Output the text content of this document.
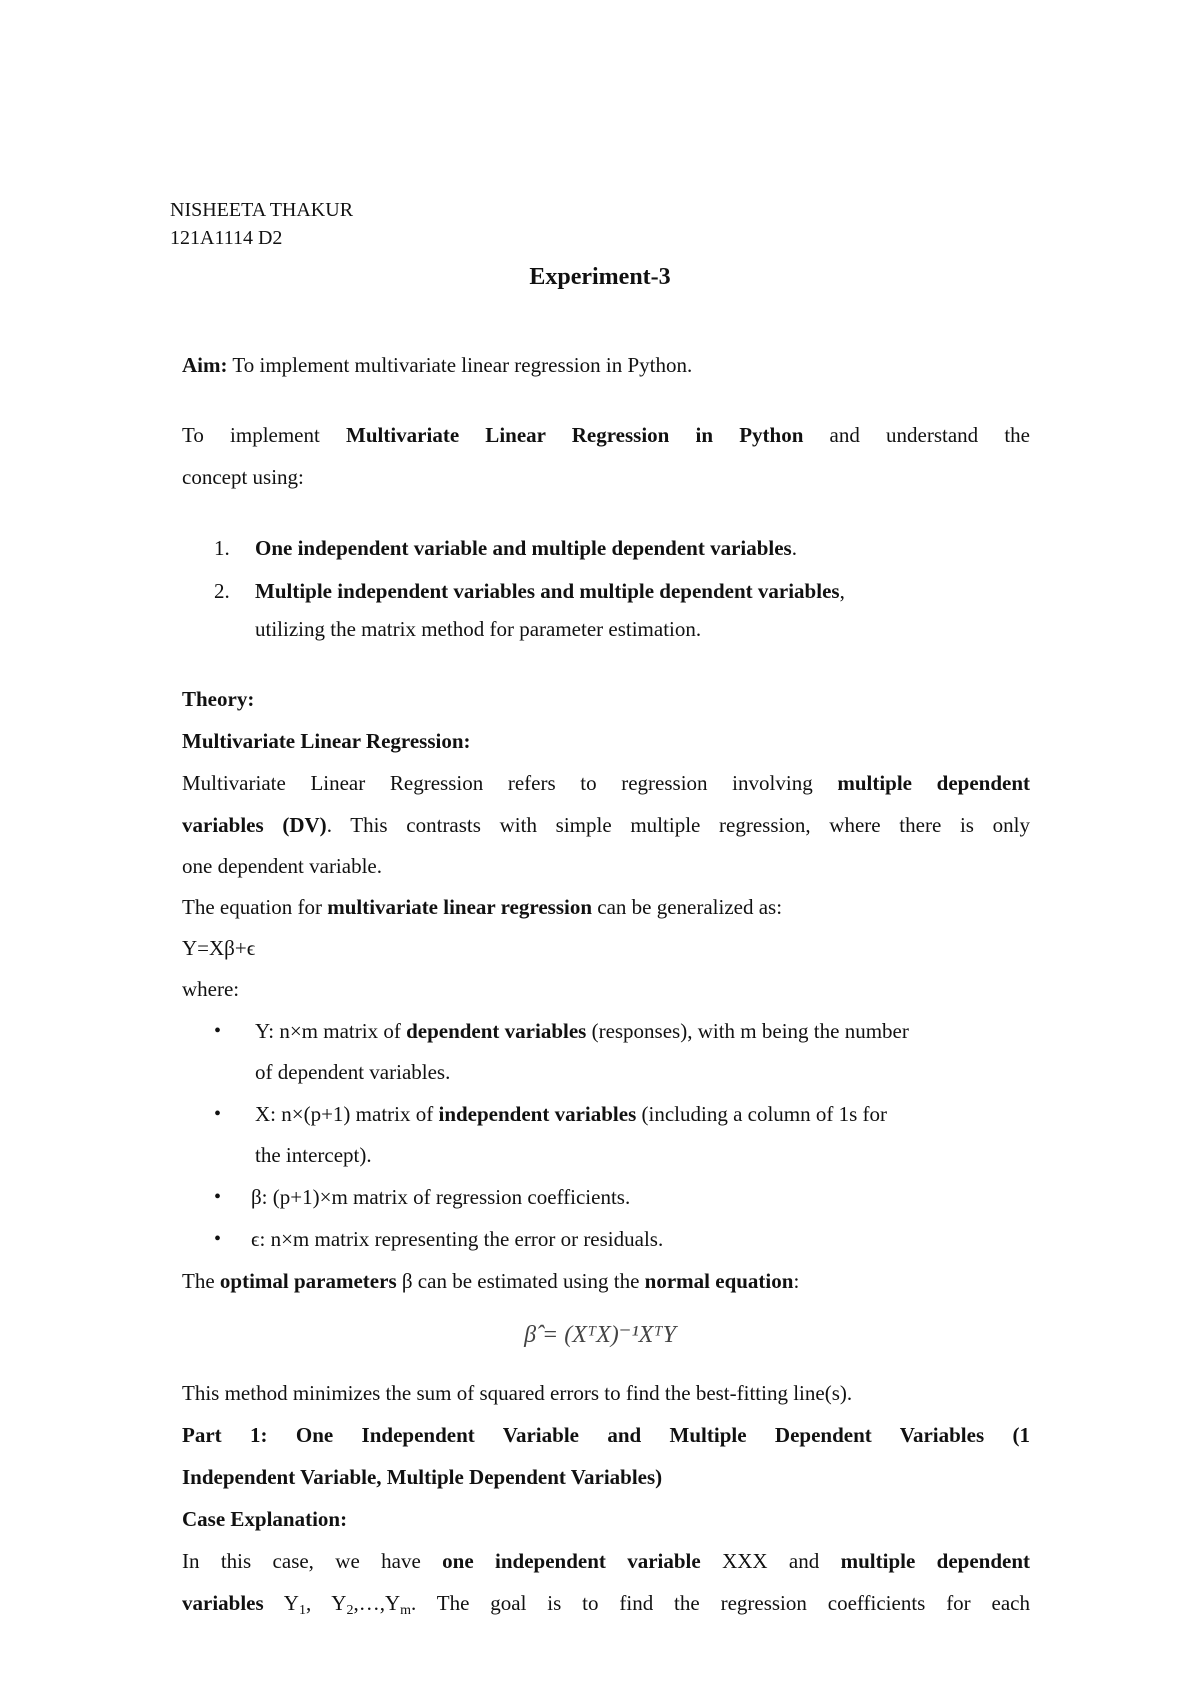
NISHEETA THAKUR
121A1114 D2
Experiment-3
Aim: To implement multivariate linear regression in Python.
To implement Multivariate Linear Regression in Python and understand the
concept using:
1. One independent variable and multiple dependent variables.
2. Multiple independent variables and multiple dependent variables,
utilizing the matrix method for parameter estimation.
Theory:
Multivariate Linear Regression:
Multivariate Linear Regression refers to regression involving multiple dependent
variables (DV). This contrasts with simple multiple regression, where there is only
one dependent variable.
The equation for multivariate linear regression can be generalized as:
Y=Xβ+ϵ
where:
• Y: n×m matrix of dependent variables (responses), with m being the number
of dependent variables.
• X: n×(p+1) matrix of independent variables (including a column of 1s for
the intercept).
• β: (p+1)×m matrix of regression coefficients.
• ϵ: n×m matrix representing the error or residuals.
The optimal parameters β can be estimated using the normal equation:
β̂ = (XᵀX)⁻¹XᵀY
This method minimizes the sum of squared errors to find the best-fitting line(s).
Part 1: One Independent Variable and Multiple Dependent Variables (1
Independent Variable, Multiple Dependent Variables)
Case Explanation:
In this case, we have one independent variable XXX and multiple dependent
variables $Y_1$, $Y_2,\dots,Y_m$. The goal is to find the regression coefficients for each
